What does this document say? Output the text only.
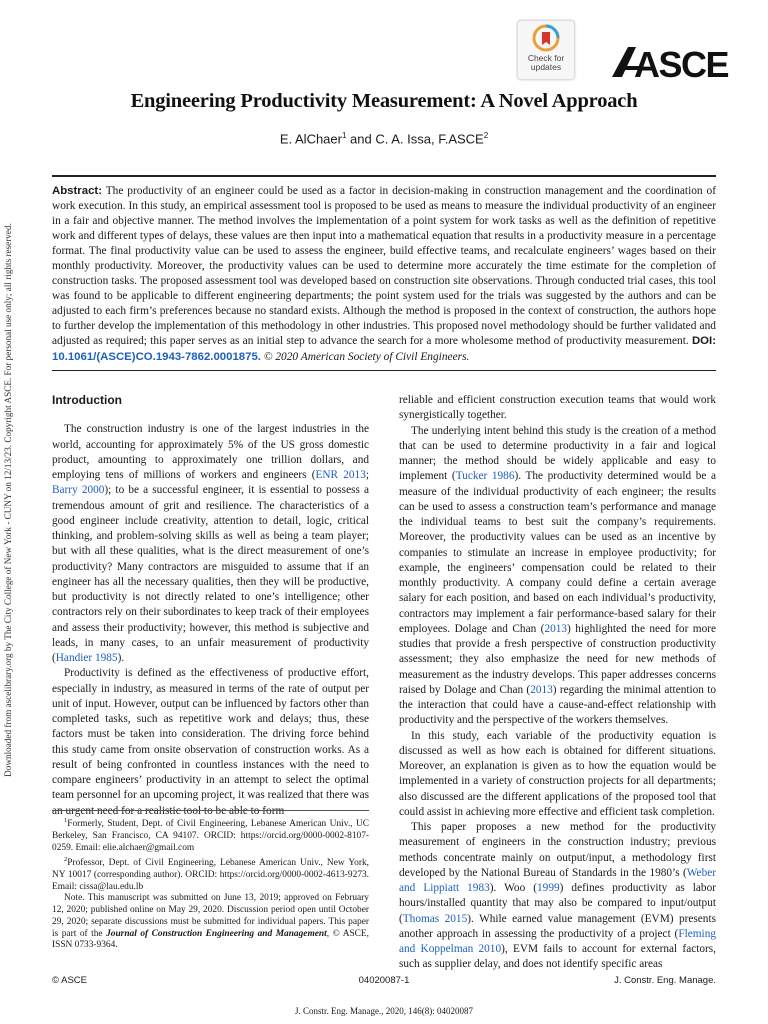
Downloaded from ascelibrary.org by The City College of New York - CUNY on 12/13/23. Copyright ASCE. For personal use only; all rights reserved.
Check for
updates	ASCE
Engineering Productivity Measurement: A Novel Approach
E. AlChaer$^1$ and C. A. Issa, F.ASCE$^2$

Abstract: The productivity of an engineer could be used as a factor in decision-making in construction management and the coordination of work execution. In this study, an empirical assessment tool is proposed to be used as means to measure the individual productivity of an engineer in a fair and objective manner. The method involves the implementation of a point system for work tasks as well as the definition of repetitive work and different types of delays, these values are then input into a mathematical equation that results in a productivity measure in a percentage format. The final productivity value can be used to assess the engineer, build effective teams, and recalculate engineers’ wages based on their monthly productivity. Moreover, the productivity values can be used to determine more accurately the time estimate for the completion of construction tasks. The proposed assessment tool was developed based on construction site observations. Through conducted trial cases, this tool was found to be applicable to different engineering departments; the point system used for the trials was suggested by the authors and can be adjusted to each firm’s preferences because no standard exists. Although the method is proposed in the context of construction, the authors hope to further develop the implementation of this methodology in other industries. This proposed novel methodology should be further validated and adjusted as required; this paper serves as an initial step to advance the search for a more wholesome method of productivity measurement. DOI: 10.1061/(ASCE)CO.1943-7862.0001875. © 2020 American Society of Civil Engineers.

Introduction

The construction industry is one of the largest industries in the world, accounting for approximately 5% of the US gross domestic product, amounting to approximately one trillion dollars, and employing tens of millions of workers and engineers (ENR 2013; Barry 2000); to be a successful engineer, it is essential to possess a tremendous amount of grit and resilience. The characteristics of a good engineer include creativity, attention to detail, logic, critical thinking, and problem-solving skills as well as being a team player; but with all these qualities, what is the direct measurement of one’s productivity? Many contractors are misguided to assume that if an engineer has all the necessary qualities, then they will be productive, but productivity is not directly related to one’s intelligence; other contractors rely on their subordinates to keep track of their employees and assess their productivity; however, this method is subjective and leads, in many cases, to an unfair measurement of productivity (Handier 1985).

Productivity is defined as the effectiveness of productive effort, especially in industry, as measured in terms of the rate of output per unit of input. However, output can be influenced by factors other than completed tasks, such as repetitive work and delays; thus, these factors must be taken into consideration. The driving force behind this study came from onsite observation of construction works. As a result of being confronted in countless instances with the need to compare engineers’ productivity in an attempt to select the optimal team personnel for an upcoming project, it was realized that there was an urgent need for a realistic tool to be able to form

$^1$Formerly, Student, Dept. of Civil Engineering, Lebanese American Univ., UC Berkeley, San Francisco, CA 94107. ORCID: https://orcid.org/0000-0002-8107-0259. Email: elie.alchaer@gmail.com

$^2$Professor, Dept. of Civil Engineering, Lebanese American Univ., New York, NY 10017 (corresponding author). ORCID: https://orcid.org/0000-0002-4613-9273. Email: cissa@lau.edu.lb

Note. This manuscript was submitted on June 13, 2019; approved on February 12, 2020; published online on May 29, 2020. Discussion period open until October 29, 2020; separate discussions must be submitted for individual papers. This paper is part of the Journal of Construction Engineering and Management, © ASCE, ISSN 0733-9364.

reliable and efficient construction execution teams that would work synergistically together.

The underlying intent behind this study is the creation of a method that can be used to determine productivity in a fair and logical manner; the method should be widely applicable and easy to implement (Tucker 1986). The productivity determined would be a measure of the individual productivity of each engineer; the results can be used to assess a construction team’s performance and manage the individual teams to best suit the company’s requirements. Moreover, the productivity values can be used as an incentive by companies to stimulate an increase in employee productivity; for example, the engineers’ compensation could be related to their monthly productivity. A company could define a certain average salary for each position, and based on each individual’s productivity, contractors may implement a fair performance-based salary for their employees. Dolage and Chan (2013) highlighted the need for more studies that provide a fresh perspective of construction productivity assessment; they also emphasize the need for new methods of measurement as the industry develops. This paper addresses concerns raised by Dolage and Chan (2013) regarding the minimal attention to the interaction that could have a cause-and-effect relationship with productivity and the perspective of the workers themselves.

In this study, each variable of the productivity equation is discussed as well as how each is obtained for different situations. Moreover, an explanation is given as to how the equation would be implemented in a variety of construction projects for all departments; also discussed are the different applications of the proposed tool that could assist in achieving more effective and efficient task completion.

This paper proposes a new method for the productivity measurement of engineers in the construction industry; previous methods concentrate mainly on output/input, a methodology first developed by the National Bureau of Standards in the 1980’s (Weber and Lippiatt 1983). Woo (1999) defines productivity as labor hours/installed quantity that may also be compared to input/output (Thomas 2015). While earned value management (EVM) presents another approach in assessing the productivity of a project (Fleming and Koppelman 2010), EVM fails to account for external factors, such as supplier delay, and does not identify specific areas

© ASCE	04020087-1	J. Constr. Eng. Manage.
J. Constr. Eng. Manage., 2020, 146(8): 04020087
